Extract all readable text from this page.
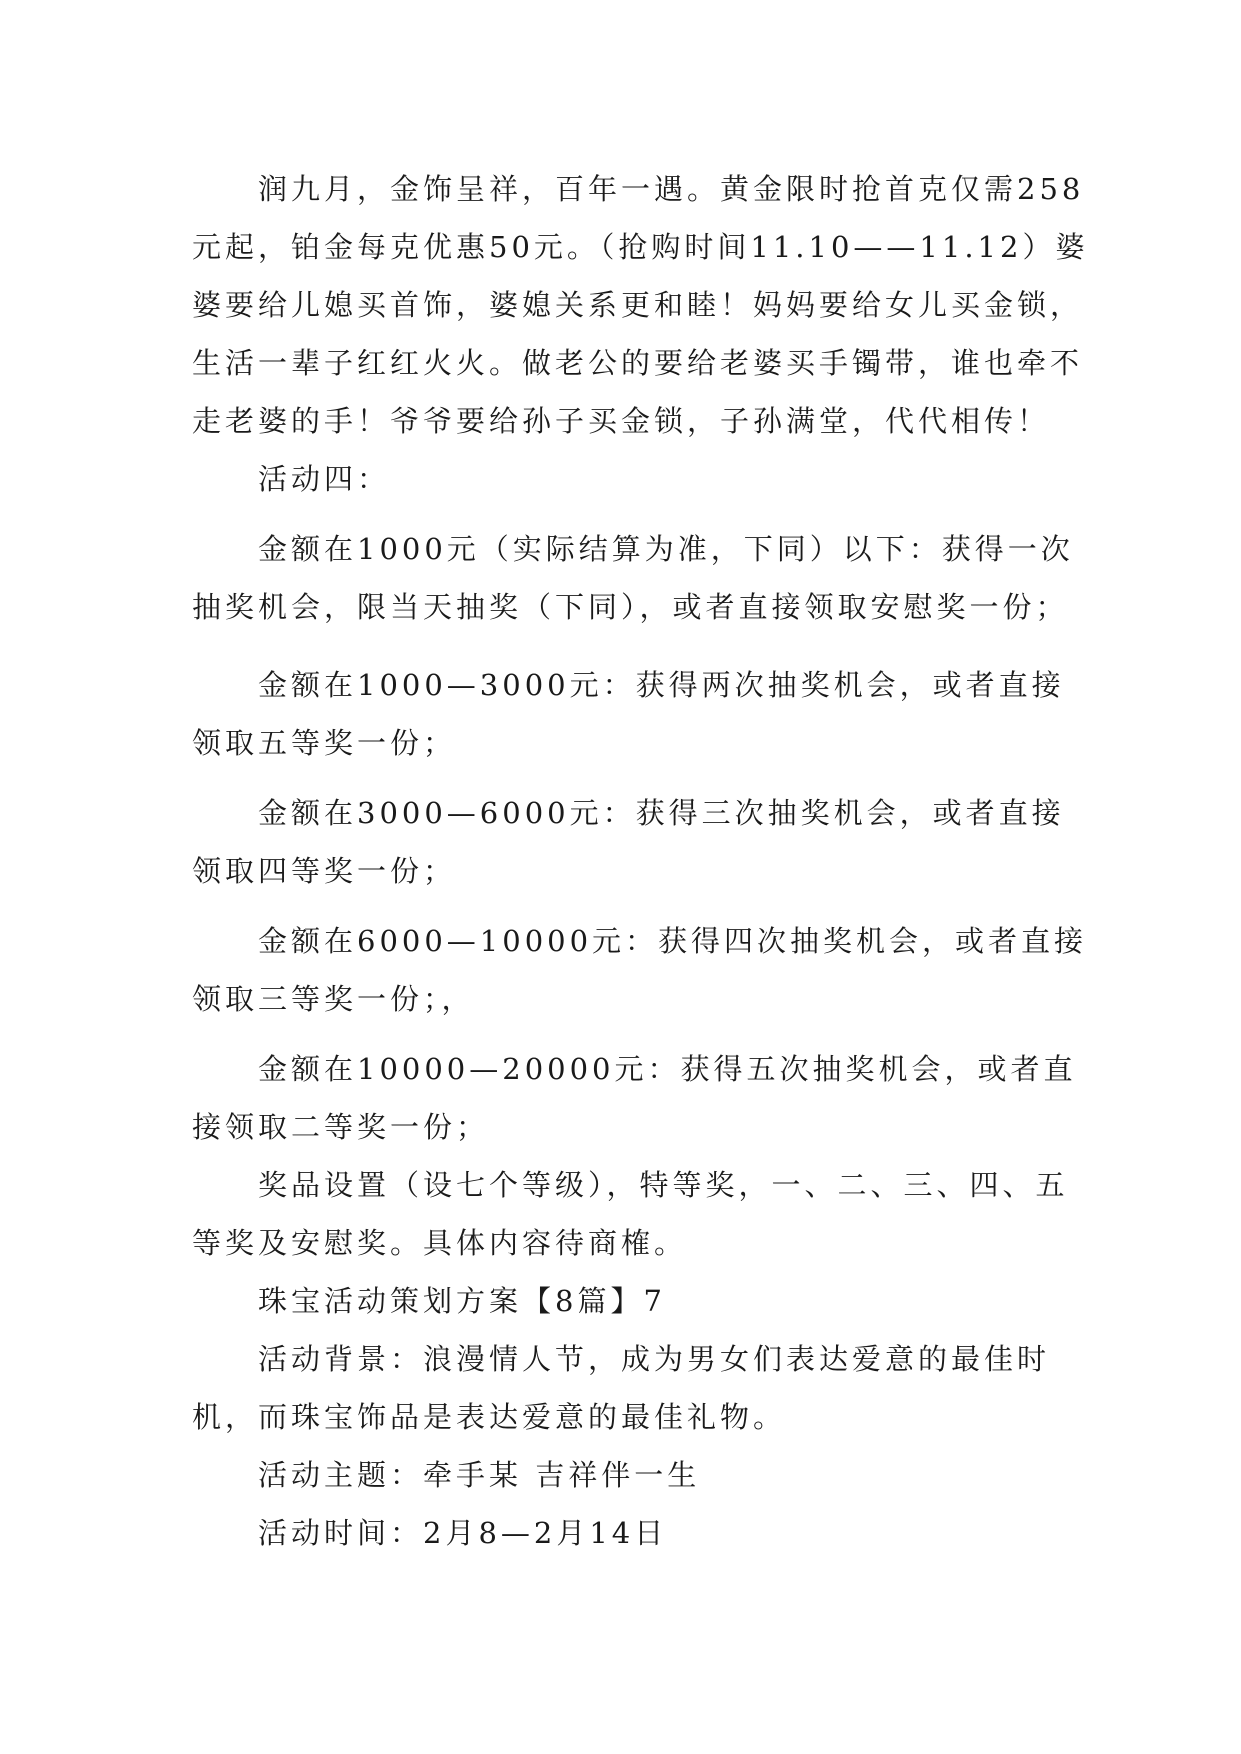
润九月，金饰呈祥，百年一遇。黄金限时抢首克仅需258元起，铂金每克优惠50元。（抢购时间11.10——11.12）婆婆要给儿媳买首饰，婆媳关系更和睦！妈妈要给女儿买金锁，生活一辈子红红火火。做老公的要给老婆买手镯带，谁也牵不走老婆的手！爷爷要给孙子买金锁，子孙满堂，代代相传！

活动四：

金额在1000元（实际结算为准，下同）以下：获得一次抽奖机会，限当天抽奖（下同），或者直接领取安慰奖一份；

金额在1000—3000元：获得两次抽奖机会，或者直接领取五等奖一份；

金额在3000—6000元：获得三次抽奖机会，或者直接领取四等奖一份；

金额在6000—10000元：获得四次抽奖机会，或者直接领取三等奖一份；，

金额在10000—20000元：获得五次抽奖机会，或者直接领取二等奖一份；

奖品设置（设七个等级），特等奖，一、二、三、四、五等奖及安慰奖。具体内容待商榷。

珠宝活动策划方案【8篇】7

活动背景：浪漫情人节，成为男女们表达爱意的最佳时机，而珠宝饰品是表达爱意的最佳礼物。

活动主题：牵手某 吉祥伴一生

活动时间：2月8—2月14日
